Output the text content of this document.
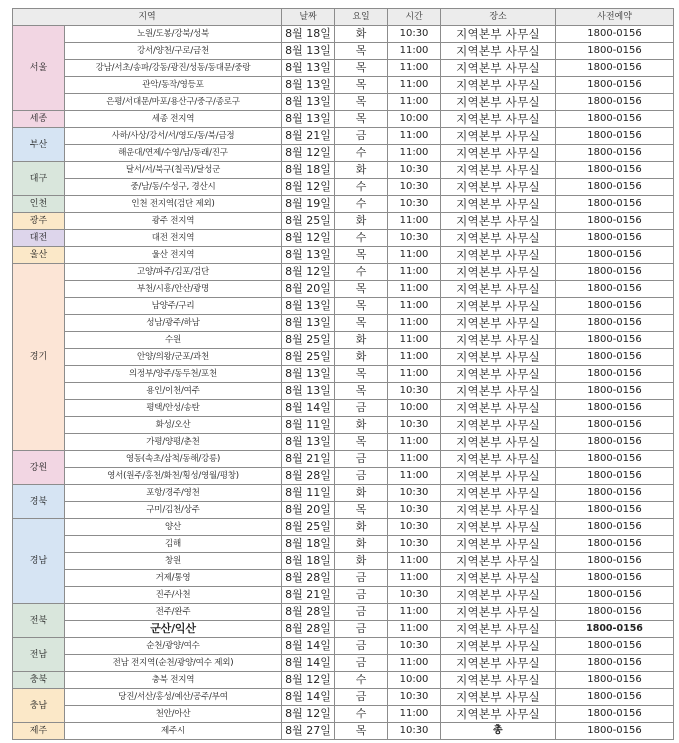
지역		날짜	요일	시간	장소	사전예약
서울	노원/도봉/강북/성북	8월 18일	화	10:30	지역본부 사무실	1800-0156
	강서/양천/구로/금천	8월 13일	목	11:00	지역본부 사무실	1800-0156
	강남/서초/송파/강동/광진/성동/동대문/중랑	8월 13일	목	11:00	지역본부 사무실	1800-0156
	관악/동작/영등포	8월 13일	목	11:00	지역본부 사무실	1800-0156
	은평/서대문/마포/용산구/중구/종로구	8월 13일	목	11:00	지역본부 사무실	1800-0156
세종	세종 전지역	8월 13일	목	10:00	지역본부 사무실	1800-0156
부산	사하/사상/강서/서/영도/동/북/금정	8월 21일	금	11:00	지역본부 사무실	1800-0156
	해운대/연제/수영/남/동래/진구	8월 12일	수	11:00	지역본부 사무실	1800-0156
대구	달서/서/북구(칠곡)/달성군	8월 18일	화	10:30	지역본부 사무실	1800-0156
	중/남/동/수성구, 경산시	8월 12일	수	10:30	지역본부 사무실	1800-0156
인천	인천 전지역(검단 제외)	8월 19일	수	10:30	지역본부 사무실	1800-0156
광주	광주 전지역	8월 25일	화	11:00	지역본부 사무실	1800-0156
대전	대전 전지역	8월 12일	수	10:30	지역본부 사무실	1800-0156
울산	울산 전지역	8월 13일	목	11:00	지역본부 사무실	1800-0156
경기	고양/파주/김포/검단	8월 12일	수	11:00	지역본부 사무실	1800-0156
	부천/시흥/안산/광명	8월 20일	목	11:00	지역본부 사무실	1800-0156
	남양주/구리	8월 13일	목	11:00	지역본부 사무실	1800-0156
	성남/광주/하남	8월 13일	목	11:00	지역본부 사무실	1800-0156
	수원	8월 25일	화	11:00	지역본부 사무실	1800-0156
	안양/의왕/군포/과천	8월 25일	화	11:00	지역본부 사무실	1800-0156
	의정부/양주/동두천/포천	8월 13일	목	11:00	지역본부 사무실	1800-0156
	용인/이천/여주	8월 13일	목	10:30	지역본부 사무실	1800-0156
	평택/안성/송탄	8월 14일	금	10:00	지역본부 사무실	1800-0156
	화성/오산	8월 11일	화	10:30	지역본부 사무실	1800-0156
	가평/양평/춘천	8월 13일	목	11:00	지역본부 사무실	1800-0156
강원	영동(속초/삼척/동해/강릉)	8월 21일	금	11:00	지역본부 사무실	1800-0156
	영서(원주/홍천/화천/횡성/영월/평창)	8월 28일	금	11:00	지역본부 사무실	1800-0156
경북	포항/경주/영천	8월 11일	화	10:30	지역본부 사무실	1800-0156
	구미/김천/상주	8월 20일	목	10:30	지역본부 사무실	1800-0156
경남	양산	8월 25일	화	10:30	지역본부 사무실	1800-0156
	김해	8월 18일	화	10:30	지역본부 사무실	1800-0156
	창원	8월 18일	화	11:00	지역본부 사무실	1800-0156
	거제/통영	8월 28일	금	11:00	지역본부 사무실	1800-0156
	진주/사천	8월 21일	금	10:30	지역본부 사무실	1800-0156
전북	전주/완주	8월 28일	금	11:00	지역본부 사무실	1800-0156
	군산/익산	8월 28일	금	11:00	지역본부 사무실	1800-0156
전남	순천/광양/여수	8월 14일	금	10:30	지역본부 사무실	1800-0156
	전남 전지역(순천/광양/여수 제외)	8월 14일	금	11:00	지역본부 사무실	1800-0156
충북	충북 전지역	8월 12일	수	10:00	지역본부 사무실	1800-0156
충남	당진/서산/홍성/예산/공주/부여	8월 14일	금	10:30	지역본부 사무실	1800-0156
	천안/아산	8월 12일	수	11:00	지역본부 사무실	1800-0156
제주	제주시	8월 27일	목	10:30	총	1800-0156
